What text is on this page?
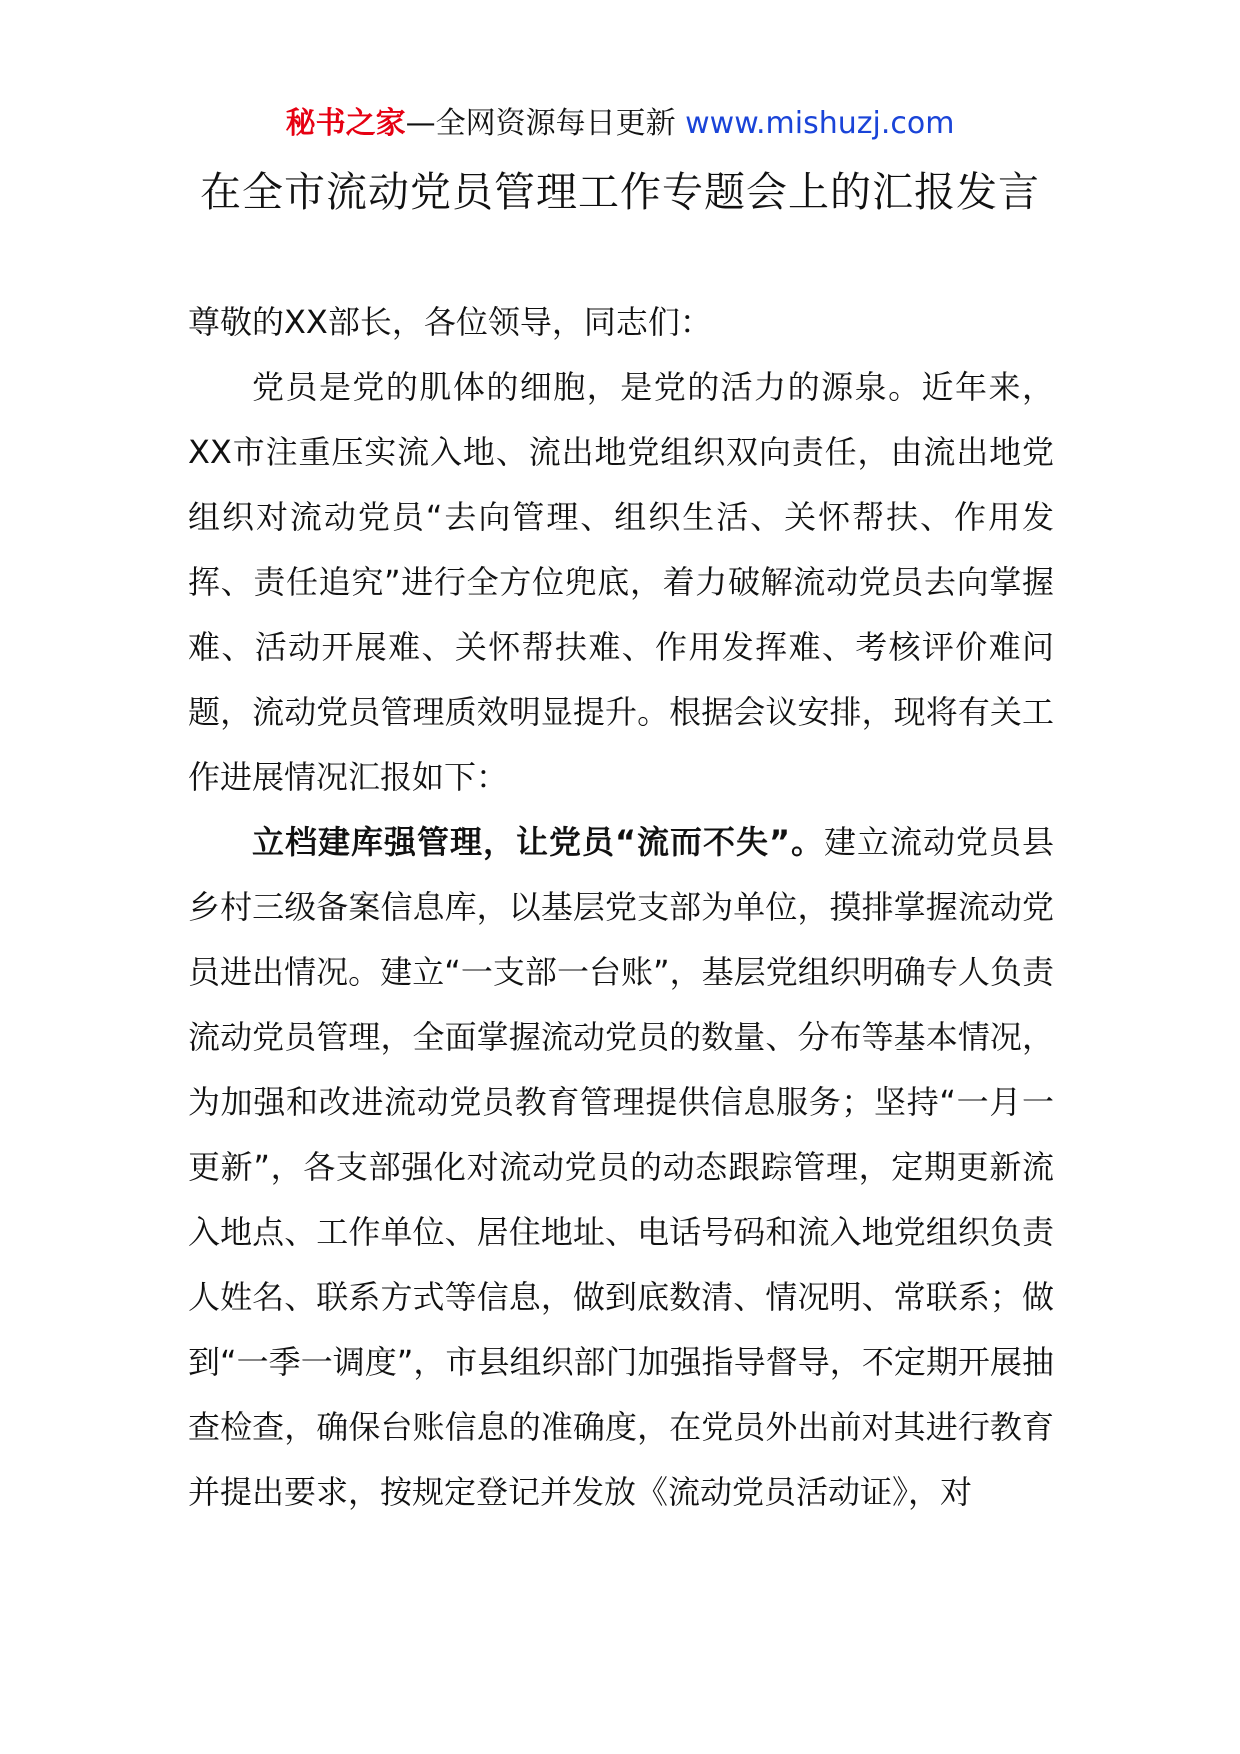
秘书之家—全网资源每日更新 www.mishuzj.com
在全市流动党员管理工作专题会上的汇报发言

尊敬的XX部长，各位领导，同志们：

党员是党的肌体的细胞，是党的活力的源泉。近年来，XX市注重压实流入地、流出地党组织双向责任，由流出地党组织对流动党员“去向管理、组织生活、关怀帮扶、作用发挥、责任追究”进行全方位兜底，着力破解流动党员去向掌握难、活动开展难、关怀帮扶难、作用发挥难、考核评价难问题，流动党员管理质效明显提升。根据会议安排，现将有关工作进展情况汇报如下：

立档建库强管理，让党员“流而不失”。建立流动党员县乡村三级备案信息库，以基层党支部为单位，摸排掌握流动党员进出情况。建立“一支部一台账”，基层党组织明确专人负责流动党员管理，全面掌握流动党员的数量、分布等基本情况，为加强和改进流动党员教育管理提供信息服务；坚持“一月一更新”，各支部强化对流动党员的动态跟踪管理，定期更新流入地点、工作单位、居住地址、电话号码和流入地党组织负责人姓名、联系方式等信息，做到底数清、情况明、常联系；做到“一季一调度”，市县组织部门加强指导督导，不定期开展抽查检查，确保台账信息的准确度，在党员外出前对其进行教育并提出要求，按规定登记并发放《流动党员活动证》，对
